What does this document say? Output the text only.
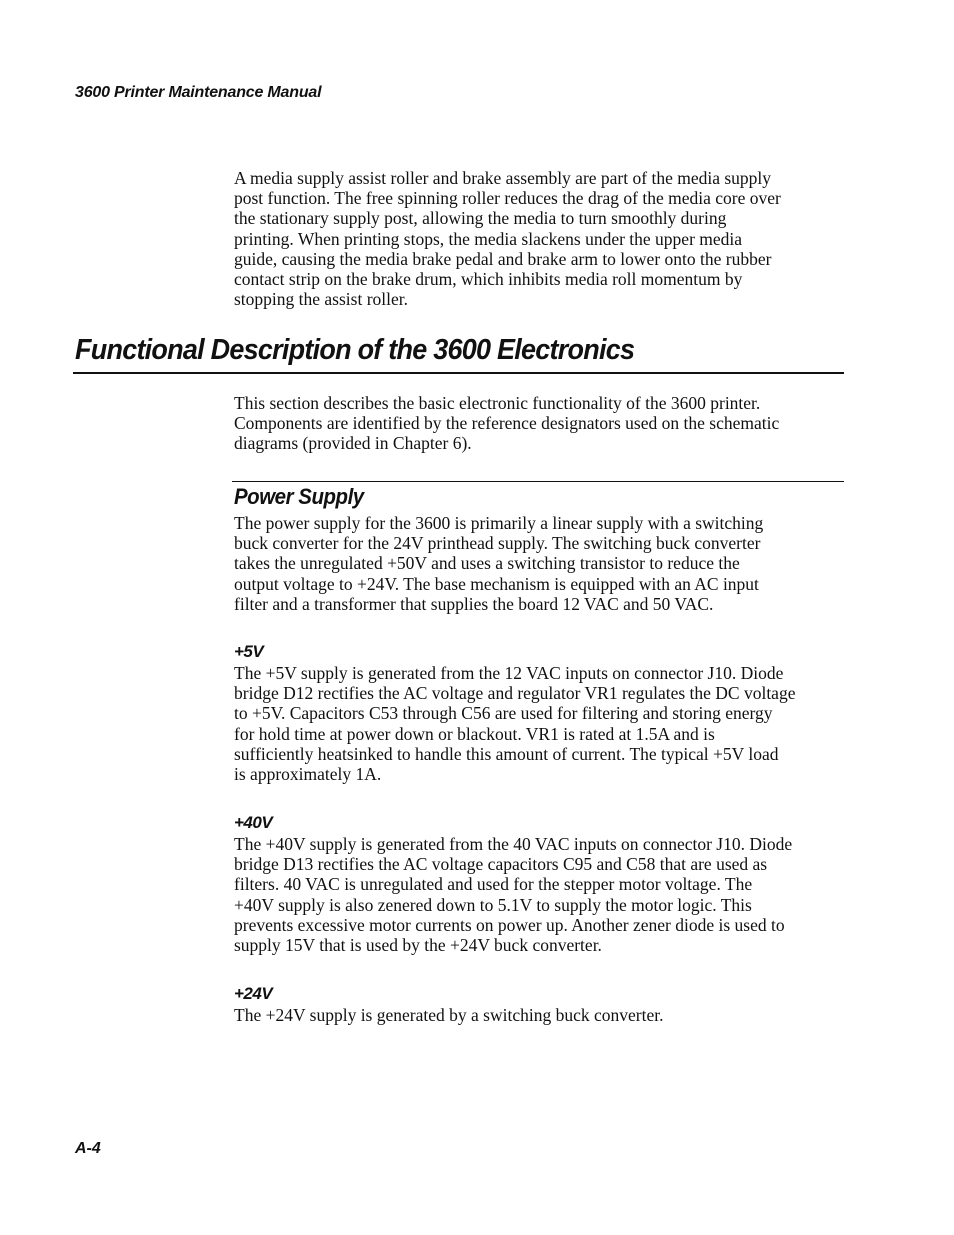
3600 Printer Maintenance Manual
A media supply assist roller and brake assembly are part of the media supply
post function. The free spinning roller reduces the drag of the media core over
the stationary supply post, allowing the media to turn smoothly during
printing. When printing stops, the media slackens under the upper media
guide, causing the media brake pedal and brake arm to lower onto the rubber
contact strip on the brake drum, which inhibits media roll momentum by
stopping the assist roller.
Functional Description of the 3600 Electronics
This section describes the basic electronic functionality of the 3600 printer.
Components are identified by the reference designators used on the schematic
diagrams (provided in Chapter 6).
Power Supply
The power supply for the 3600 is primarily a linear supply with a switching
buck converter for the 24V printhead supply. The switching buck converter
takes the unregulated +50V and uses a switching transistor to reduce the
output voltage to +24V. The base mechanism is equipped with an AC input
filter and a transformer that supplies the board 12 VAC and 50 VAC.
+5V
The +5V supply is generated from the 12 VAC inputs on connector J10. Diode
bridge D12 rectifies the AC voltage and regulator VR1 regulates the DC voltage
to +5V. Capacitors C53 through C56 are used for filtering and storing energy
for hold time at power down or blackout. VR1 is rated at 1.5A and is
sufficiently heatsinked to handle this amount of current. The typical +5V load
is approximately 1A.
+40V
The +40V supply is generated from the 40 VAC inputs on connector J10. Diode
bridge D13 rectifies the AC voltage capacitors C95 and C58 that are used as
filters. 40 VAC is unregulated and used for the stepper motor voltage. The
+40V supply is also zenered down to 5.1V to supply the motor logic. This
prevents excessive motor currents on power up. Another zener diode is used to
supply 15V that is used by the +24V buck converter.
+24V
The +24V supply is generated by a switching buck converter.
A-4
